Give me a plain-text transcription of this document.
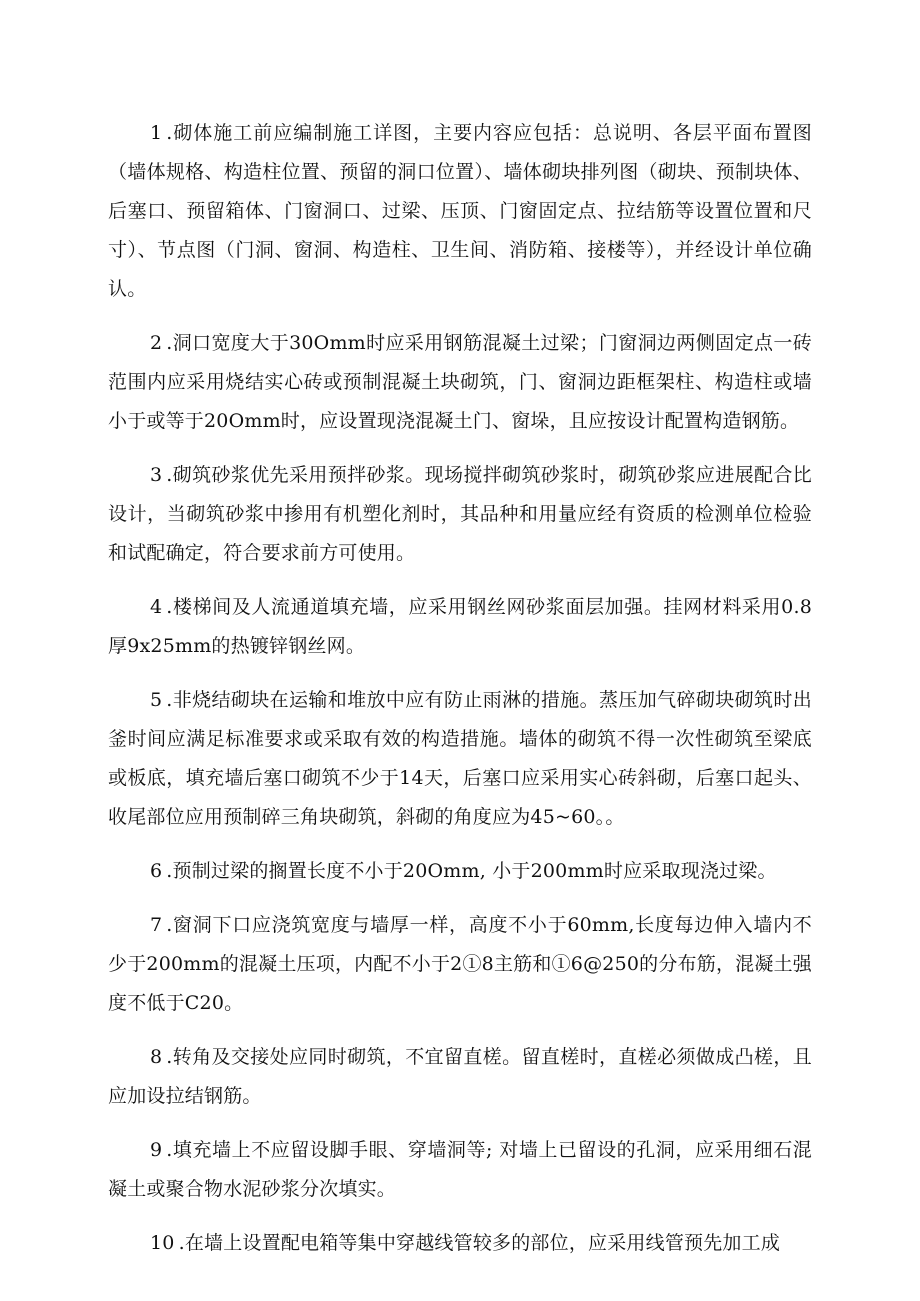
1 .砌体施工前应编制施工详图，主要内容应包括：总说明、各层平面布置图（墙体规格、构造柱位置、预留的洞口位置）、墙体砌块排列图（砌块、预制块体、后塞口、预留箱体、门窗洞口、过梁、压顶、门窗固定点、拉结筋等设置位置和尺寸）、节点图（门洞、窗洞、构造柱、卫生间、消防箱、接楼等），并经设计单位确认。

2 .洞口宽度大于30Omm时应采用钢筋混凝土过梁；门窗洞边两侧固定点一砖范围内应采用烧结实心砖或预制混凝土块砌筑，门、窗洞边距框架柱、构造柱或墙小于或等于20Omm时，应设置现浇混凝土门、窗垛，且应按设计配置构造钢筋。

3 .砌筑砂浆优先采用预拌砂浆。现场搅拌砌筑砂浆时，砌筑砂浆应进展配合比设计，当砌筑砂浆中掺用有机塑化剂时，其品种和用量应经有资质的检测单位检验和试配确定，符合要求前方可使用。

4 .楼梯间及人流通道填充墙，应采用钢丝网砂浆面层加强。挂网材料采用0.8厚9x25mm的热镀锌钢丝网。

5 .非烧结砌块在运输和堆放中应有防止雨淋的措施。蒸压加气碎砌块砌筑时出釜时间应满足标准要求或采取有效的构造措施。墙体的砌筑不得一次性砌筑至梁底或板底，填充墙后塞口砌筑不少于14天，后塞口应采用实心砖斜砌，后塞口起头、收尾部位应用预制碎三角块砌筑，斜砌的角度应为45~60。。

6 .预制过梁的搁置长度不小于20Omm, 小于200mm时应采取现浇过梁。

7 .窗洞下口应浇筑宽度与墙厚一样，高度不小于60mm,长度每边伸入墙内不少于200mm的混凝土压项，内配不小于2①8主筋和①6@250的分布筋，混凝土强度不低于C20。

8 .转角及交接处应同时砌筑，不宜留直槎。留直槎时，直槎必须做成凸槎，且应加设拉结钢筋。

9 .填充墙上不应留设脚手眼、穿墙洞等; 对墙上已留设的孔洞，应采用细石混凝土或聚合物水泥砂浆分次填实。

10 .在墙上设置配电箱等集中穿越线管较多的部位，应采用线管预先加工成
